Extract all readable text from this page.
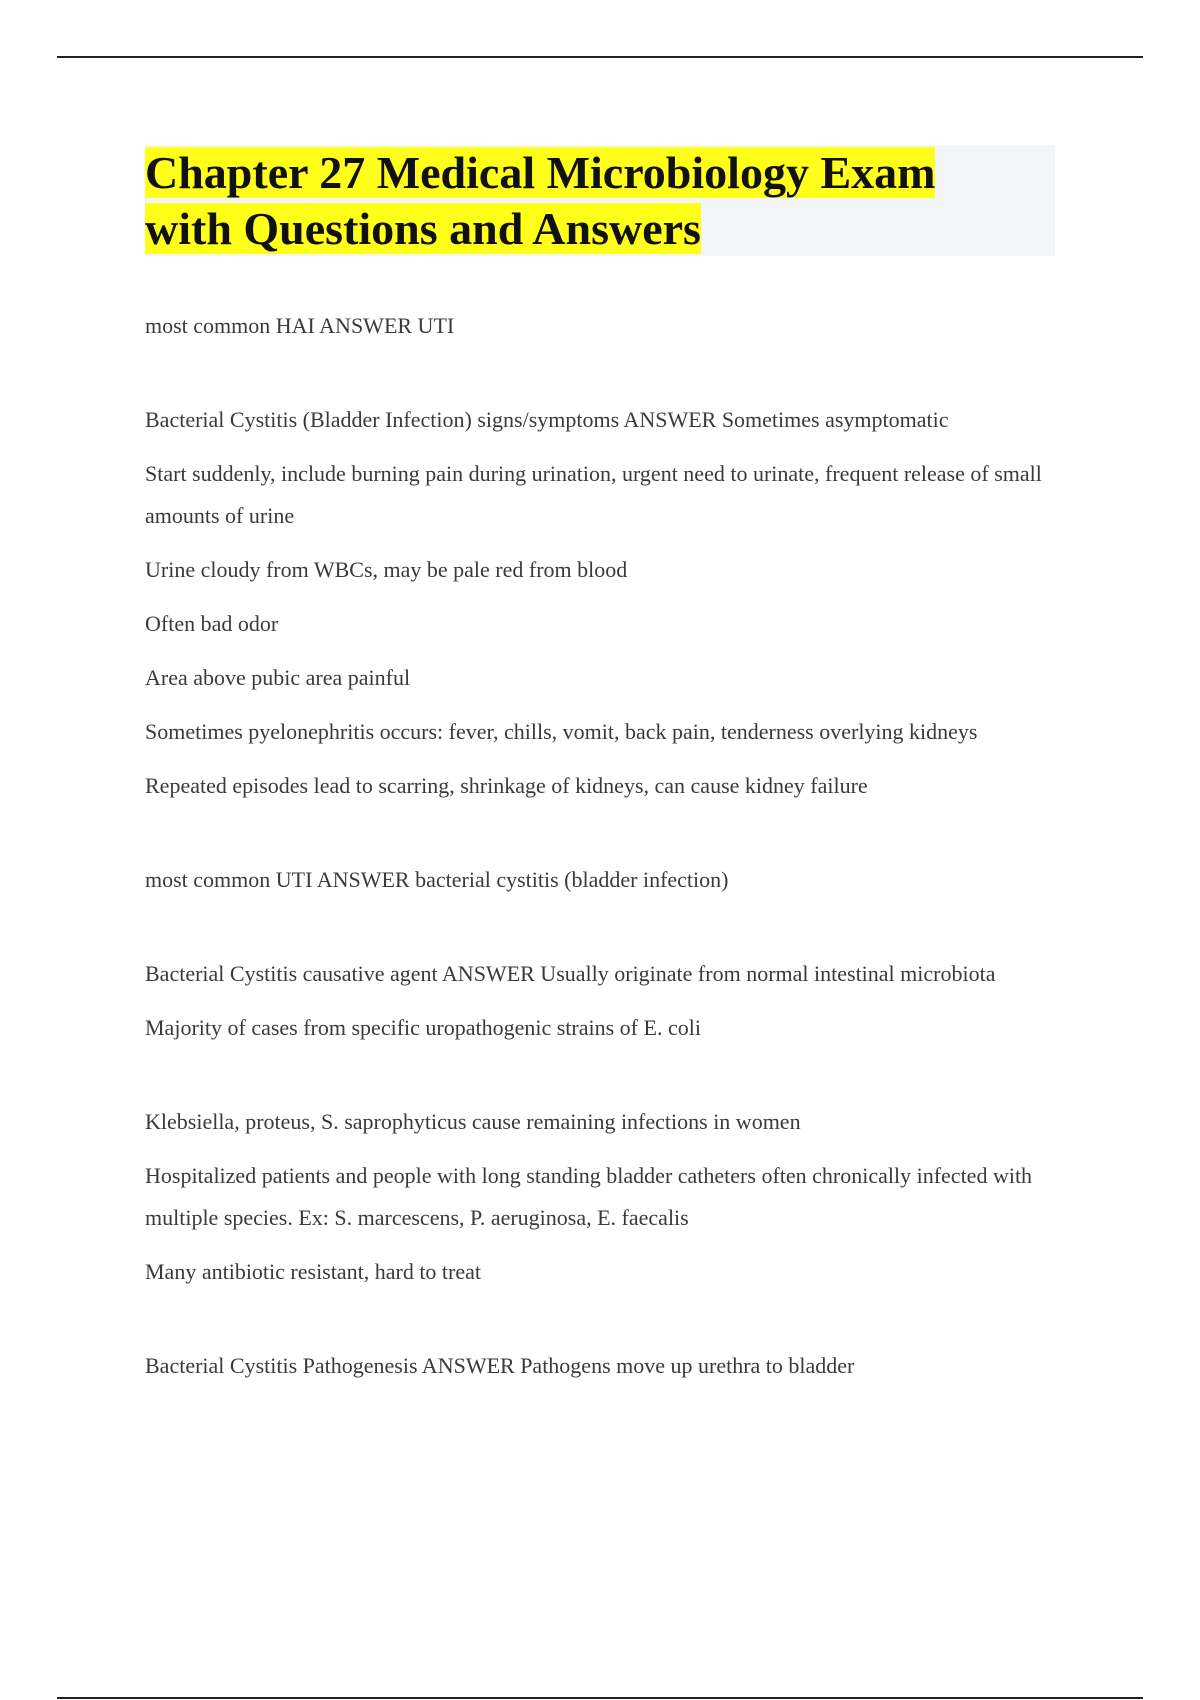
Chapter 27 Medical Microbiology Exam
with Questions and Answers

most common HAI ANSWER UTI

Bacterial Cystitis (Bladder Infection) signs/symptoms ANSWER Sometimes asymptomatic

Start suddenly, include burning pain during urination, urgent need to urinate, frequent release of small amounts of urine

Urine cloudy from WBCs, may be pale red from blood

Often bad odor

Area above pubic area painful

Sometimes pyelonephritis occurs: fever, chills, vomit, back pain, tenderness overlying kidneys

Repeated episodes lead to scarring, shrinkage of kidneys, can cause kidney failure

most common UTI ANSWER bacterial cystitis (bladder infection)

Bacterial Cystitis causative agent ANSWER Usually originate from normal intestinal microbiota

Majority of cases from specific uropathogenic strains of E. coli

Klebsiella, proteus, S. saprophyticus cause remaining infections in women

Hospitalized patients and people with long standing bladder catheters often chronically infected with multiple species. Ex: S. marcescens, P. aeruginosa, E. faecalis

Many antibiotic resistant, hard to treat

Bacterial Cystitis Pathogenesis ANSWER Pathogens move up urethra to bladder
